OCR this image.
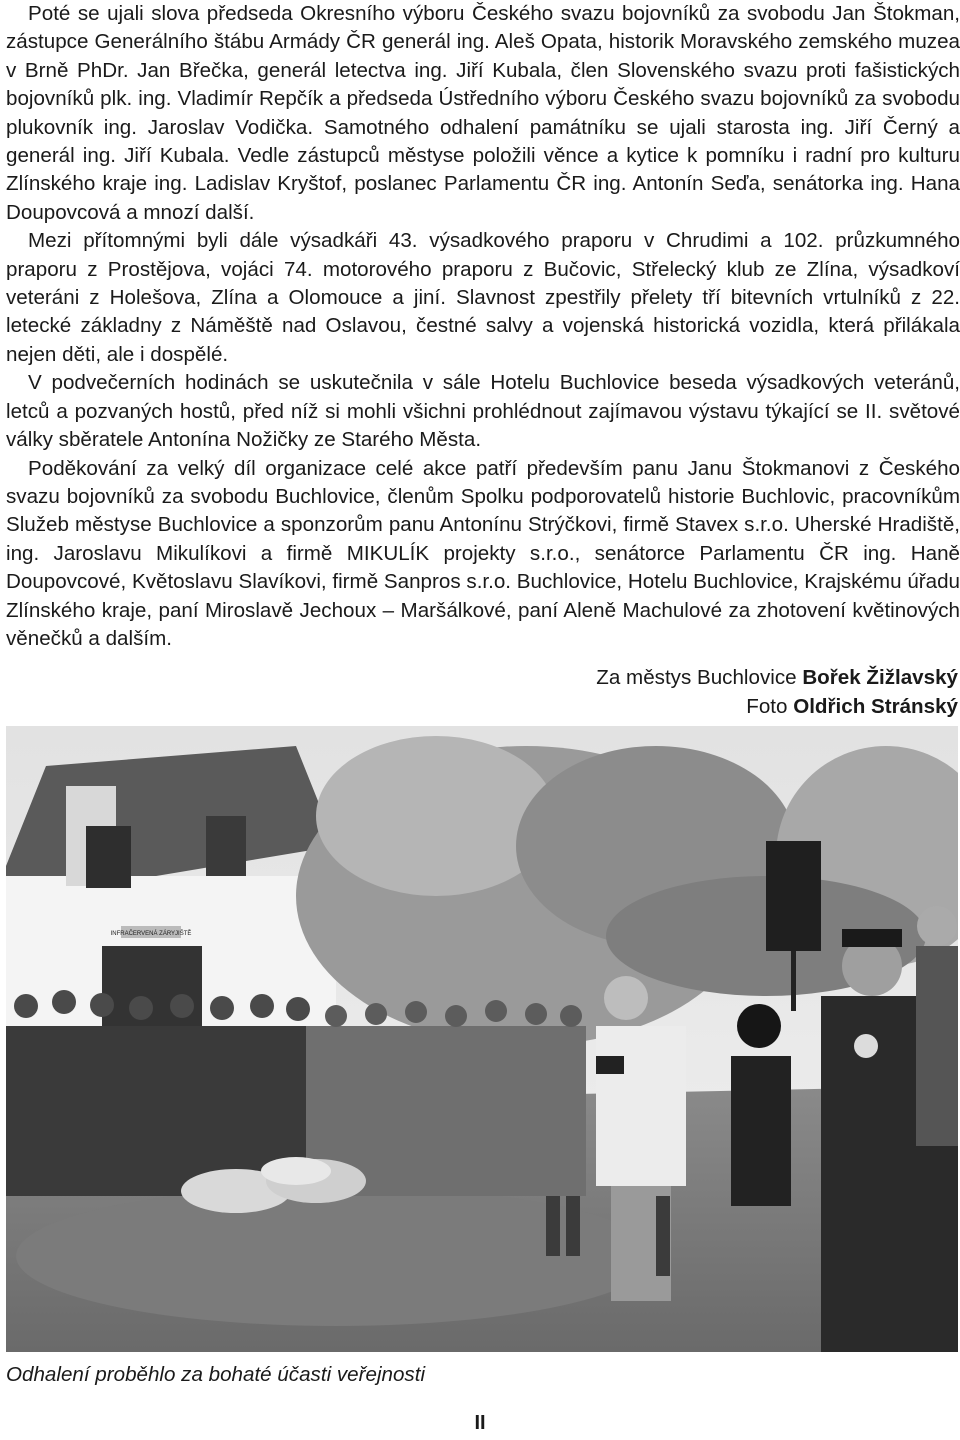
Poté se ujali slova předseda Okresního výboru Českého svazu bojovníků za svobodu Jan Štokman, zástupce Generálního štábu Armády ČR generál ing. Aleš Opata, historik Moravského zemského muzea v Brně PhDr. Jan Břečka, generál letectva ing. Jiří Kubala, člen Slovenského svazu proti fašistických bojovníků plk. ing. Vladimír Repčík a předseda Ústředního výboru Českého svazu bojovníků za svobodu plukovník ing. Jaroslav Vodička. Samotného odhalení památníku se ujali starosta ing. Jiří Černý a generál ing. Jiří Kubala. Vedle zástupců městyse položili věnce a kytice k pomníku i radní pro kulturu Zlínského kraje ing. Ladislav Kryštof, poslanec Parlamentu ČR ing. Antonín Seďa, senátorka ing. Hana Doupovcová a mnozí další.

Mezi přítomnými byli dále výsadkáři 43. výsadkového praporu v Chrudimi a 102. průzkumného praporu z Prostějova, vojáci 74. motorového praporu z Bučovic, Střelecký klub ze Zlína, výsadkoví veteráni z Holešova, Zlína a Olomouce a jiní. Slavnost zpestřily přelety tří bitevních vrtulníků z 22. letecké základny z Náměště nad Oslavou, čestné salvy a vojenská historická vozidla, která přilákala nejen děti, ale i dospělé.

V podvečerních hodinách se uskutečnila v sále Hotelu Buchlovice beseda výsadkových veteránů, letců a pozvaných hostů, před níž si mohli všichni prohlédnout zajímavou výstavu týkající se II. světové války sběratele Antonína Nožičky ze Starého Města.

Poděkování za velký díl organizace celé akce patří především panu Janu Štokmanovi z Českého svazu bojovníků za svobodu Buchlovice, členům Spolku podporovatelů historie Buchlovic, pracovníkům Služeb městyse Buchlovice a sponzorům panu Antonínu Strýčkovi, firmě Stavex s.r.o. Uherské Hradiště, ing. Jaroslavu Mikulíkovi a firmě MIKULÍK projekty s.r.o., senátorce Parlamentu ČR ing. Haně Doupovcové, Květoslavu Slavíkovi, firmě Sanpros s.r.o. Buchlovice, Hotelu Buchlovice, Krajskému úřadu Zlínského kraje, paní Miroslavě Jechoux – Maršálkové, paní Aleně Machulové za zhotovení květinových věnečků a dalším.

Za městys Buchlovice Bořek Žižlavský
Foto Oldřich Stránský
INFRAČERVENÁ ZÁRYJIŠTĚ
Odhalení proběhlo za bohaté účasti veřejnosti
II
